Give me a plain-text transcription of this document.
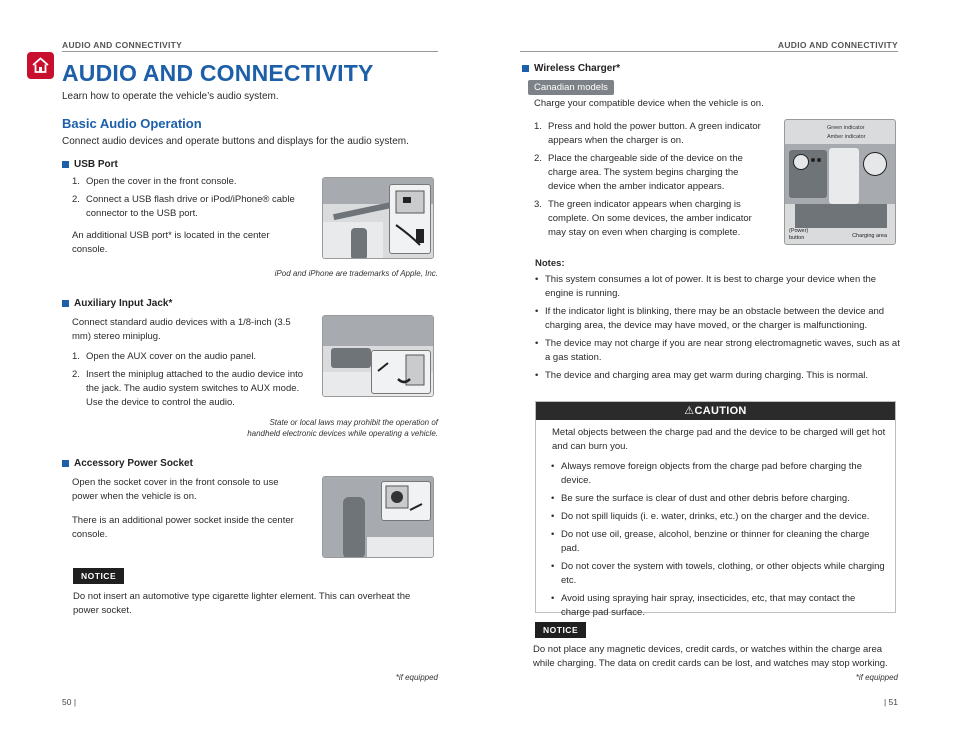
AUDIO AND CONNECTIVITY
AUDIO AND CONNECTIVITY
Learn how to operate the vehicle’s audio system.
Basic Audio Operation
Connect audio devices and operate buttons and displays for the audio system.
USB Port
1. Open the cover in the front console.
2. Connect a USB flash drive or iPod/iPhone® cable connector to the USB port.
An additional USB port* is located in the center console.
iPod and iPhone are trademarks of Apple, Inc.
Auxiliary Input Jack*
Connect standard audio devices with a 1/8-inch (3.5 mm) stereo miniplug.
1. Open the AUX cover on the audio panel.
2. Insert the miniplug attached to the audio device into the jack. The audio system switches to AUX mode. Use the device to control the audio.
State or local laws may prohibit the operation of
handheld electronic devices while operating a vehicle.
Accessory Power Socket
Open the socket cover in the front console to use power when the vehicle is on.
There is an additional power socket inside the center console.
NOTICE
Do not insert an automotive type cigarette lighter element. This can overheat the power socket.
*if equipped
50 |
AUDIO AND CONNECTIVITY
Wireless Charger*
Canadian models
Charge your compatible device when the vehicle is on.
1. Press and hold the power button. A green indicator appears when the charger is on.
2. Place the chargeable side of the device on the charge area. The system begins charging the device when the amber indicator appears.
3. The green indicator appears when charging is complete. On some devices, the amber indicator may stay on even when charging is complete.
Green indicator
Amber indicator
(Power)
button	Charging area
Notes:
• This system consumes a lot of power. It is best to charge your device when the engine is running.
• If the indicator light is blinking, there may be an obstacle between the device and charging area, the device may have moved, or the charger is malfunctioning.
• The device may not charge if you are near strong electromagnetic waves, such as at a gas station.
• The device and charging area may get warm during charging. This is normal.
⚠CAUTION
Metal objects between the charge pad and the device to be charged will get hot and can burn you.
• Always remove foreign objects from the charge pad before charging the device.
• Be sure the surface is clear of dust and other debris before charging.
• Do not spill liquids (i. e. water, drinks, etc.) on the charger and the device.
• Do not use oil, grease, alcohol, benzine or thinner for cleaning the charge pad.
• Do not cover the system with towels, clothing, or other objects while charging etc.
• Avoid using spraying hair spray, insecticides, etc, that may contact the charge pad surface.
NOTICE
Do not place any magnetic devices, credit cards, or watches within the charge area while charging. The data on credit cards can be lost, and watches may stop working.
*if equipped
| 51
